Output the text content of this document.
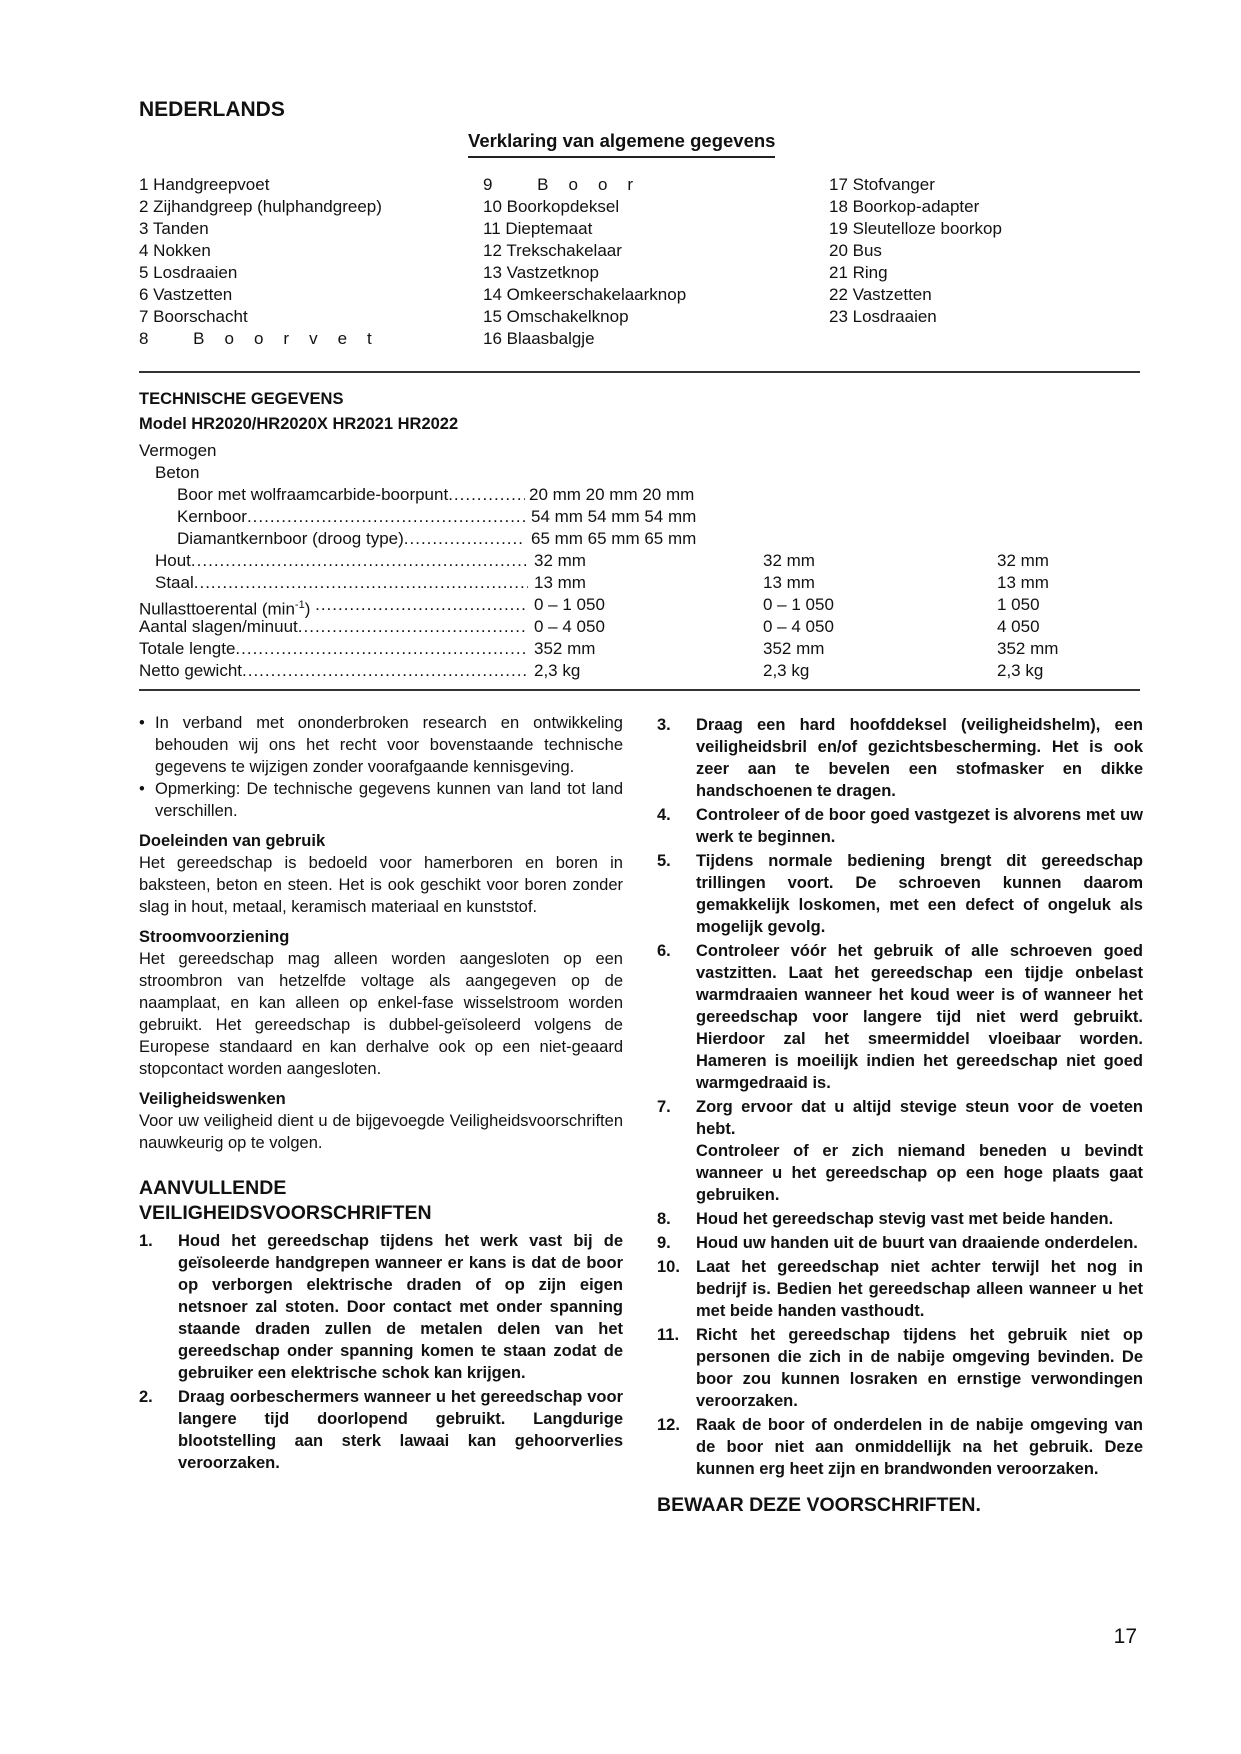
NEDERLANDS
Verklaring van algemene gegevens
1 Handgreepvoet
2 Zijhandgreep (hulphandgreep)
3 Tanden
4 Nokken
5 Losdraaien
6 Vastzetten
7 Boorschacht
8 Boorvet
9 Boor
10 Boorkopdeksel
11 Dieptemaat
12 Trekschakelaar
13 Vastzetknop
14 Omkeerschakelaarknop
15 Omschakelknop
16 Blaasbalgje
17 Stofvanger
18 Boorkop-adapter
19 Sleutelloze boorkop
20 Bus
21 Ring
22 Vastzetten
23 Losdraaien
TECHNISCHE GEGEVENS
Model HR2020/HR2020X HR2021 HR2022
Vermogen
Beton
Boor met wolfraamcarbide-boorpunt .....	20 mm 20 mm 20 mm
Kernboor .....	54 mm 54 mm 54 mm
Diamantkernboor (droog type) .....	65 mm 65 mm 65 mm
Hout .....	32 mm	32 mm	32 mm
Staal .....	13 mm	13 mm	13 mm
Nullasttoerental $(\min^{-1})$ .....	0 – 1 050	0 – 1 050	1 050
Aantal slagen/minuut .....	0 – 4 050	0 – 4 050	4 050
Totale lengte .....	352 mm	352 mm	352 mm
Netto gewicht .....	2,3 kg	2,3 kg	2,3 kg
• In verband met ononderbroken research en ontwikkeling behouden wij ons het recht voor bovenstaande technische gegevens te wijzigen zonder voorafgaande kennisgeving.
• Opmerking: De technische gegevens kunnen van land tot land verschillen.
Doeleinden van gebruik

Het gereedschap is bedoeld voor hamerboren en boren in baksteen, beton en steen. Het is ook geschikt voor boren zonder slag in hout, metaal, keramisch materiaal en kunststof.

Stroomvoorziening

Het gereedschap mag alleen worden aangesloten op een stroombron van hetzelfde voltage als aangegeven op de naamplaat, en kan alleen op enkel-fase wisselstroom worden gebruikt. Het gereedschap is dubbel-geïsoleerd volgens de Europese standaard en kan derhalve ook op een niet-geaard stopcontact worden aangesloten.

Veiligheidswenken

Voor uw veiligheid dient u de bijgevoegde Veiligheidsvoorschriften nauwkeurig op te volgen.

AANVULLENDE
VEILIGHEIDSVOORSCHRIFTEN
1.	Houd het gereedschap tijdens het werk vast bij de geïsoleerde handgrepen wanneer er kans is dat de boor op verborgen elektrische draden of op zijn eigen netsnoer zal stoten. Door contact met onder spanning staande draden zullen de metalen delen van het gereedschap onder spanning komen te staan zodat de gebruiker een elektrische schok kan krijgen.
2.	Draag oorbeschermers wanneer u het gereedschap voor langere tijd doorlopend gebruikt. Langdurige blootstelling aan sterk lawaai kan gehoorverlies veroorzaken.
3.	Draag een hard hoofddeksel (veiligheidshelm), een veiligheidsbril en/of gezichtsbescherming. Het is ook zeer aan te bevelen een stofmasker en dikke handschoenen te dragen.
4.	Controleer of de boor goed vastgezet is alvorens met uw werk te beginnen.
5.	Tijdens normale bediening brengt dit gereedschap trillingen voort. De schroeven kunnen daarom gemakkelijk loskomen, met een defect of ongeluk als mogelijk gevolg.
6.	Controleer vóór het gebruik of alle schroeven goed vastzitten. Laat het gereedschap een tijdje onbelast warmdraaien wanneer het koud weer is of wanneer het gereedschap voor langere tijd niet werd gebruikt. Hierdoor zal het smeermiddel vloeibaar worden. Hameren is moeilijk indien het gereedschap niet goed warmgedraaid is.
7.	Zorg ervoor dat u altijd stevige steun voor de voeten hebt.
Controleer of er zich niemand beneden u bevindt wanneer u het gereedschap op een hoge plaats gaat gebruiken.
8.	Houd het gereedschap stevig vast met beide handen.
9.	Houd uw handen uit de buurt van draaiende onderdelen.
10. Laat het gereedschap niet achter terwijl het nog in bedrijf is. Bedien het gereedschap alleen wanneer u het met beide handen vasthoudt.
11.	Richt het gereedschap tijdens het gebruik niet op personen die zich in de nabije omgeving bevinden. De boor zou kunnen losraken en ernstige verwondingen veroorzaken.
12. Raak de boor of onderdelen in de nabije omgeving van de boor niet aan onmiddellijk na het gebruik. Deze kunnen erg heet zijn en brandwonden veroorzaken.
BEWAAR DEZE VOORSCHRIFTEN.
17
